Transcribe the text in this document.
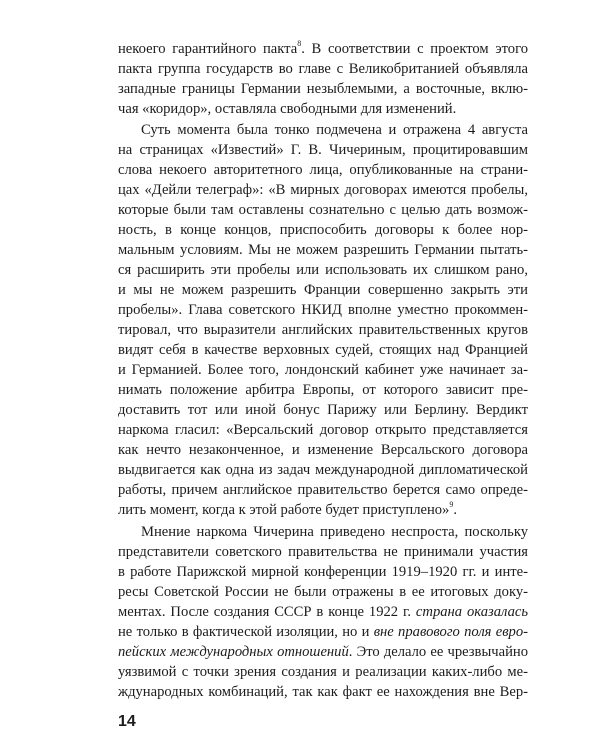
некоего гарантийного пакта$^8$. В соответствии с проектом этого
пакта группа государств во главе с Великобританией объявляла
западные границы Германии незыблемыми, а восточные, вклю-
чая «коридор», оставляла свободными для изменений.
Суть момента была тонко подмечена и отражена 4 августа
на страницах «Известий» Г. В. Чичериным, процитировавшим
слова некоего авторитетного лица, опубликованные на страни-
цах «Дейли телеграф»: «В мирных договорах имеются пробелы,
которые были там оставлены сознательно с целью дать возмож-
ность, в конце концов, приспособить договоры к более нор-
мальным условиям. Мы не можем разрешить Германии пытать-
ся расширить эти пробелы или использовать их слишком рано,
и мы не можем разрешить Франции совершенно закрыть эти
пробелы». Глава советского НКИД вполне уместно прокоммен-
тировал, что выразители английских правительственных кругов
видят себя в качестве верховных судей, стоящих над Францией
и Германией. Более того, лондонский кабинет уже начинает за-
нимать положение арбитра Европы, от которого зависит пре-
доставить тот или иной бонус Парижу или Берлину. Вердикт
наркома гласил: «Версальский договор открыто представляется
как нечто незаконченное, и изменение Версальского договора
выдвигается как одна из задач международной дипломатической
работы, причем английское правительство берется само опреде-
лить момент, когда к этой работе будет приступлено»$^9$.
Мнение наркома Чичерина приведено неспроста, поскольку
представители советского правительства не принимали участия
в работе Парижской мирной конференции 1919–1920 гг. и инте-
ресы Советской России не были отражены в ее итоговых доку-
ментах. После создания СССР в конце 1922 г. страна оказалась
не только в фактической изоляции, но и вне правового поля евро-
пейских международных отношений. Это делало ее чрезвычайно
уязвимой с точки зрения создания и реализации каких-либо ме-
ждународных комбинаций, так как факт ее нахождения вне Вер-
14
